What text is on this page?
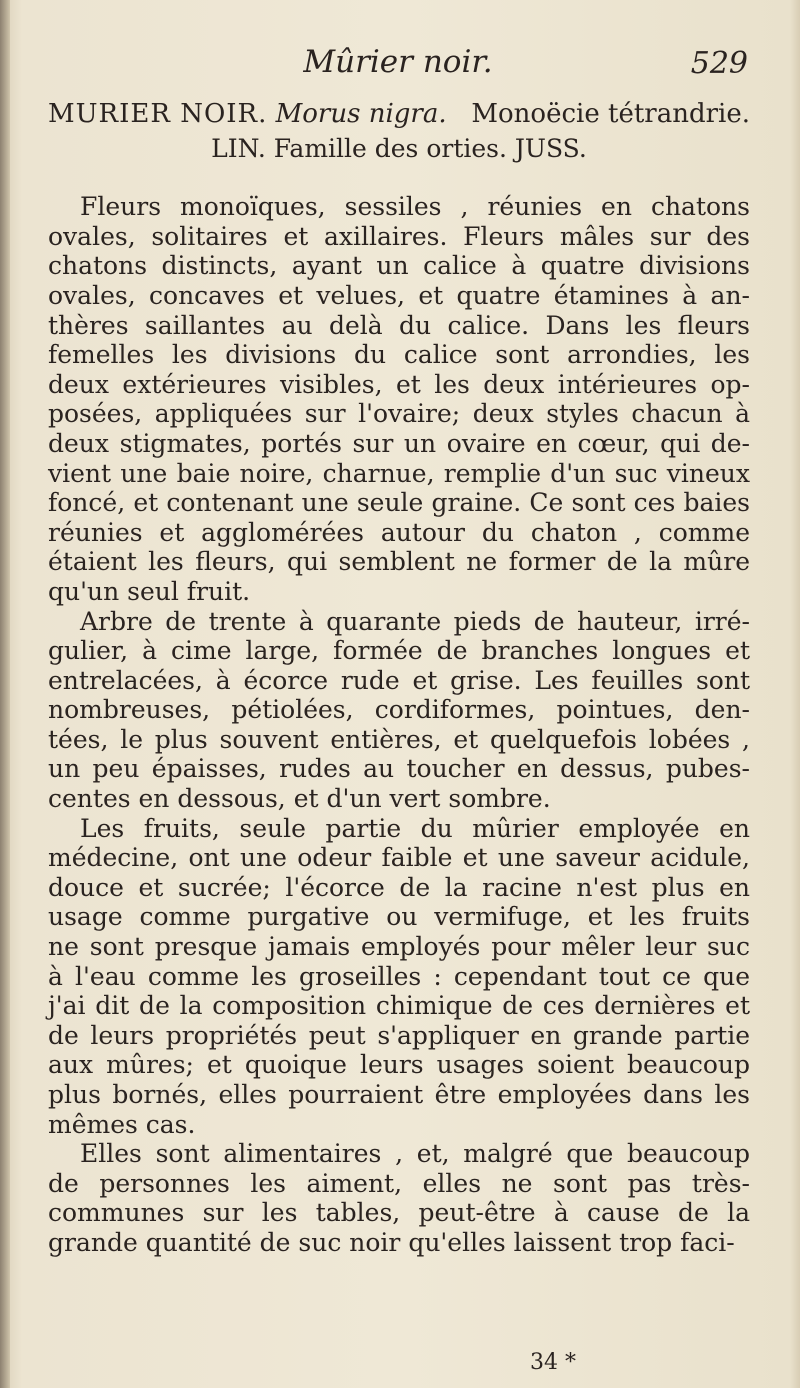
Mûrier noir.	529
MURIER NOIR. Morus nigra. Monoëcie tétrandrie.
LIN. Famille des orties. JUSS.

Fleurs monoïques, sessiles , réunies en chatons
ovales, solitaires et axillaires. Fleurs mâles sur des
chatons distincts, ayant un calice à quatre divisions
ovales, concaves et velues, et quatre étamines à an-
thères saillantes au delà du calice. Dans les fleurs
femelles les divisions du calice sont arrondies, les
deux extérieures visibles, et les deux intérieures op-
posées, appliquées sur l'ovaire; deux styles chacun à
deux stigmates, portés sur un ovaire en cœur, qui de-
vient une baie noire, charnue, remplie d'un suc vineux
foncé, et contenant une seule graine. Ce sont ces baies
réunies et agglomérées autour du chaton , comme
étaient les fleurs, qui semblent ne former de la mûre
qu'un seul fruit.

Arbre de trente à quarante pieds de hauteur, irré-
gulier, à cime large, formée de branches longues et
entrelacées, à écorce rude et grise. Les feuilles sont
nombreuses, pétiolées, cordiformes, pointues, den-
tées, le plus souvent entières, et quelquefois lobées ,
un peu épaisses, rudes au toucher en dessus, pubes-
centes en dessous, et d'un vert sombre.

Les fruits, seule partie du mûrier employée en
médecine, ont une odeur faible et une saveur acidule,
douce et sucrée; l'écorce de la racine n'est plus en
usage comme purgative ou vermifuge, et les fruits
ne sont presque jamais employés pour mêler leur suc
à l'eau comme les groseilles : cependant tout ce que
j'ai dit de la composition chimique de ces dernières et
de leurs propriétés peut s'appliquer en grande partie
aux mûres; et quoique leurs usages soient beaucoup
plus bornés, elles pourraient être employées dans les
mêmes cas.

Elles sont alimentaires , et, malgré que beaucoup
de personnes les aiment, elles ne sont pas très-
communes sur les tables, peut-être à cause de la
grande quantité de suc noir qu'elles laissent trop faci-

34 *
